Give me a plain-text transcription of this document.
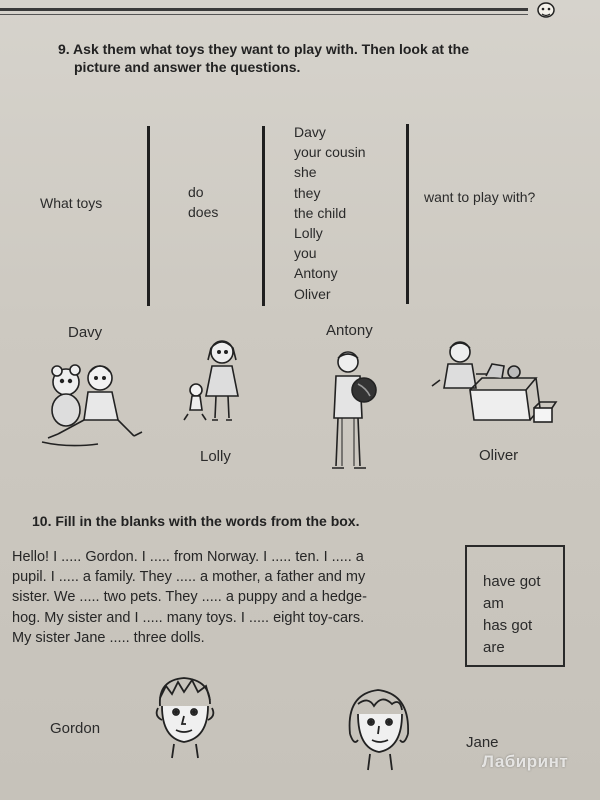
9. Ask them what toys they want to play with. Then look at the
picture and answer the questions.
What toys
do
does
Davy
your cousin
she
they
the child
Lolly
you
Antony
Oliver
want to play with?
Davy	Antony
Lolly	Oliver
10. Fill in the blanks with the words from the box.
Hello! I ..... Gordon. I ..... from Norway. I ..... ten. I ..... a
pupil. I ..... a family. They ..... a mother, a father and my
sister. We ..... two pets. They ..... a puppy and a hedge-
hog. My sister and I ..... many toys. I ..... eight toy-cars.
My sister Jane ..... three dolls.
have got
am
has got
are
Gordon
Jane
Лабиринт
